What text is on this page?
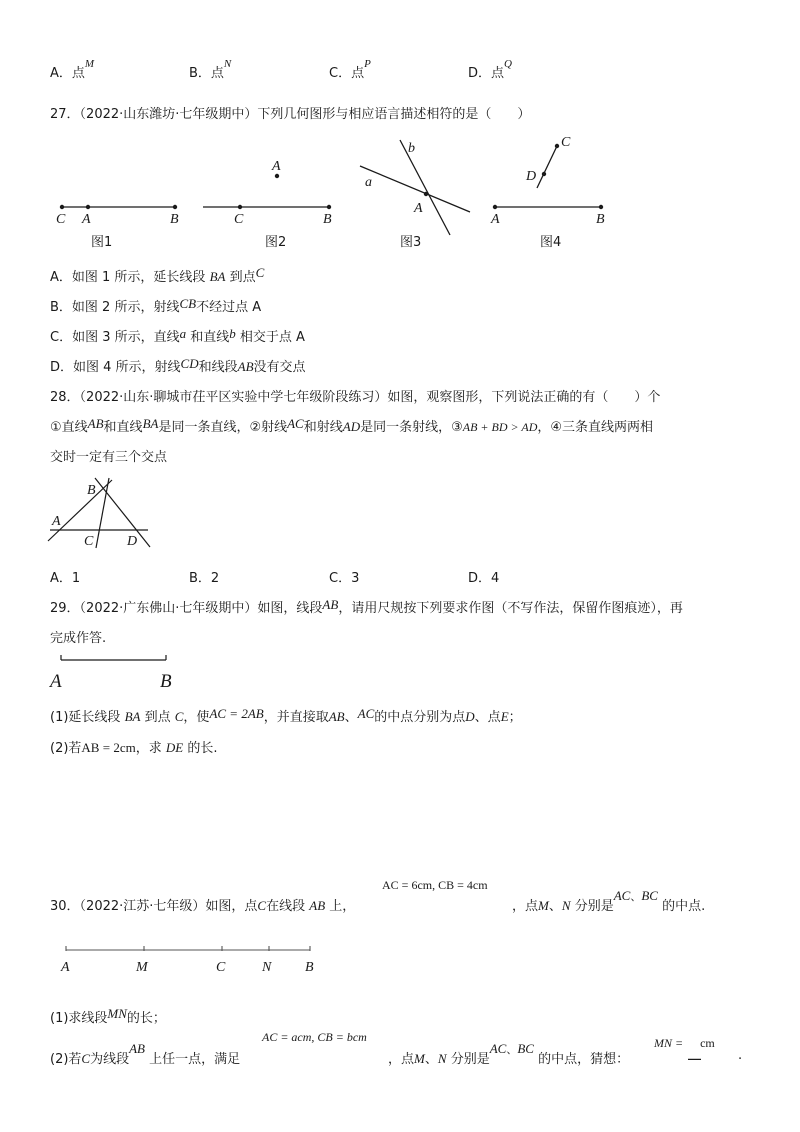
A．点$^M$
B．点$^N$
C．点$^P$
D．点$^Q$
27．（2022·山东潍坊·七年级期中）下列几何图形与相应语言描述相符的是（　　）
C A	B
图1
A
C	B
图2
b
a
A
图3
C
D
A	B
图4
A．如图 1 所示，延长线段 BA 到点C
B．如图 2 所示，射线CB不经过点 A
C．如图 3 所示，直线a 和直线b 相交于点 A
D．如图 4 所示，射线CD和线段AB没有交点
28．（2022·山东·聊城市茌平区实验中学七年级阶段练习）如图，观察图形，下列说法正确的有（　　）个
①直线AB和直线BA是同一条直线，②射线AC和射线AD是同一条射线，③AB + BD > AD，④三条直线两两相
交时一定有三个交点
B
A
C D
A．1	B．2	C．3	D．4
29．（2022·广东佛山·七年级期中）如图，线段AB，请用尺规按下列要求作图（不写作法，保留作图痕迹），再
完成作答.
A	B
(1)延长线段 BA 到点 C，使AC = 2AB，并直接取AB、AC的中点分别为点D、点E；
(2)若AB = 2cm，求 DE 的长.
AC = 6cm, CB = 4cm
30．（2022·江苏·七年级）如图，点C在线段 AB 上，	，点M、N 分别是AC、BC 的中点.
A	M	C	N B
(1)求线段MN的长；
AC = acm, CB = bcm	MN = cm
(2)若C为线段AB 上任一点，满足	，点M、N 分别是AC、BC 的中点，猜想：	__	.
